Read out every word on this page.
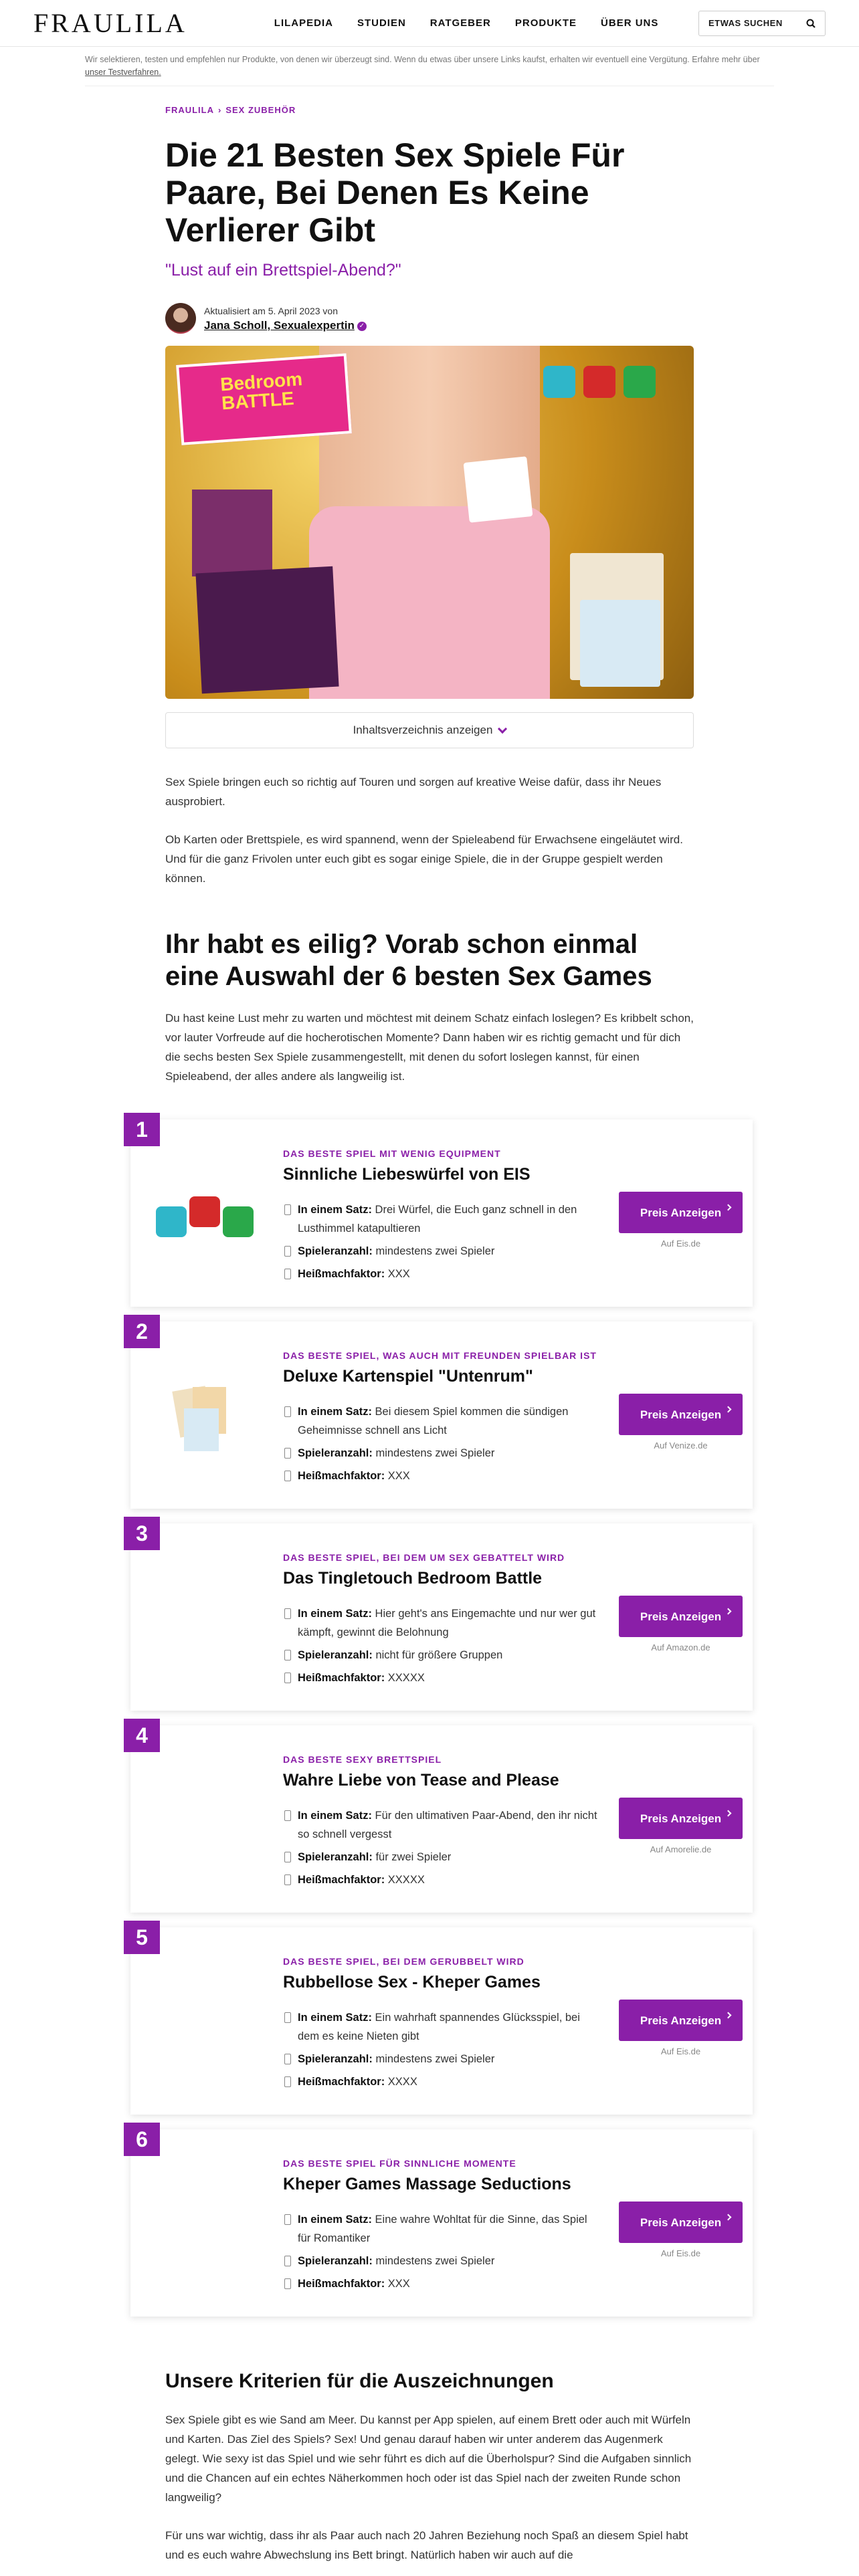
FRAULILA	LILAPEDIA STUDIEN RATGEBER PRODUKTE ÜBER UNS	ETWAS SUCHEN
Wir selektieren, testen und empfehlen nur Produkte, von denen wir überzeugt sind. Wenn du etwas über unsere Links kaufst, erhalten wir eventuell eine Vergütung. Erfahre mehr über unser Testverfahren.
FRAULILA › SEX ZUBEHÖR
Die 21 Besten Sex Spiele Für Paare, Bei Denen Es Keine Verlierer Gibt
"Lust auf ein Brettspiel-Abend?"
Aktualisiert am 5. April 2023 von
Jana Scholl, Sexualexpertin ✓
Bedroom BATTLE
Inhaltsverzeichnis anzeigen

Sex Spiele bringen euch so richtig auf Touren und sorgen auf kreative Weise dafür, dass ihr Neues ausprobiert.

Ob Karten oder Brettspiele, es wird spannend, wenn der Spieleabend für Erwachsene eingeläutet wird. Und für die ganz Frivolen unter euch gibt es sogar einige Spiele, die in der Gruppe gespielt werden können.

Ihr habt es eilig? Vorab schon einmal eine Auswahl der 6 besten Sex Games

Du hast keine Lust mehr zu warten und möchtest mit deinem Schatz einfach loslegen? Es kribbelt schon, vor lauter Vorfreude auf die hocherotischen Momente? Dann haben wir es richtig gemacht und für dich die sechs besten Sex Spiele zusammengestellt, mit denen du sofort loslegen kannst, für einen Spieleabend, der alles andere als langweilig ist.

1
DAS BESTE SPIEL MIT WENIG EQUIPMENT
Sinnliche Liebeswürfel von EIS
In einem Satz: Drei Würfel, die Euch ganz schnell in den Lusthimmel katapultieren
Spieleranzahl: mindestens zwei Spieler
Heißmachfaktor: XXX
Preis Anzeigen
Auf Eis.de
2
DAS BESTE SPIEL, WAS AUCH MIT FREUNDEN SPIELBAR IST
Deluxe Kartenspiel "Untenrum"
In einem Satz: Bei diesem Spiel kommen die sündigen Geheimnisse schnell ans Licht
Spieleranzahl: mindestens zwei Spieler
Heißmachfaktor: XXX
Preis Anzeigen
Auf Venize.de
3
DAS BESTE SPIEL, BEI DEM UM SEX GEBATTELT WIRD
Das Tingletouch Bedroom Battle
In einem Satz: Hier geht's ans Eingemachte und nur wer gut kämpft, gewinnt die Belohnung
Spieleranzahl: nicht für größere Gruppen
Heißmachfaktor: XXXXX
Preis Anzeigen
Auf Amazon.de
4
DAS BESTE SEXY BRETTSPIEL
Wahre Liebe von Tease and Please
In einem Satz: Für den ultimativen Paar-Abend, den ihr nicht so schnell vergesst
Spieleranzahl: für zwei Spieler
Heißmachfaktor: XXXXX
Preis Anzeigen
Auf Amorelie.de
5
DAS BESTE SPIEL, BEI DEM GERUBBELT WIRD
Rubbellose Sex - Kheper Games
In einem Satz: Ein wahrhaft spannendes Glücksspiel, bei dem es keine Nieten gibt
Spieleranzahl: mindestens zwei Spieler
Heißmachfaktor: XXXX
Preis Anzeigen
Auf Eis.de
6
DAS BESTE SPIEL FÜR SINNLICHE MOMENTE
Kheper Games Massage Seductions
In einem Satz: Eine wahre Wohltat für die Sinne, das Spiel für Romantiker
Spieleranzahl: mindestens zwei Spieler
Heißmachfaktor: XXX
Preis Anzeigen
Auf Eis.de
Unsere Kriterien für die Auszeichnungen

Sex Spiele gibt es wie Sand am Meer. Du kannst per App spielen, auf einem Brett oder auch mit Würfeln und Karten. Das Ziel des Spiels? Sex! Und genau darauf haben wir unter anderem das Augenmerk gelegt. Wie sexy ist das Spiel und wie sehr führt es dich auf die Überholspur? Sind die Aufgaben sinnlich und die Chancen auf ein echtes Näherkommen hoch oder ist das Spiel nach der zweiten Runde schon langweilig?

Für uns war wichtig, dass ihr als Paar auch nach 20 Jahren Beziehung noch Spaß an diesem Spiel habt und es euch wahre Abwechslung ins Bett bringt. Natürlich haben wir auch auf die
